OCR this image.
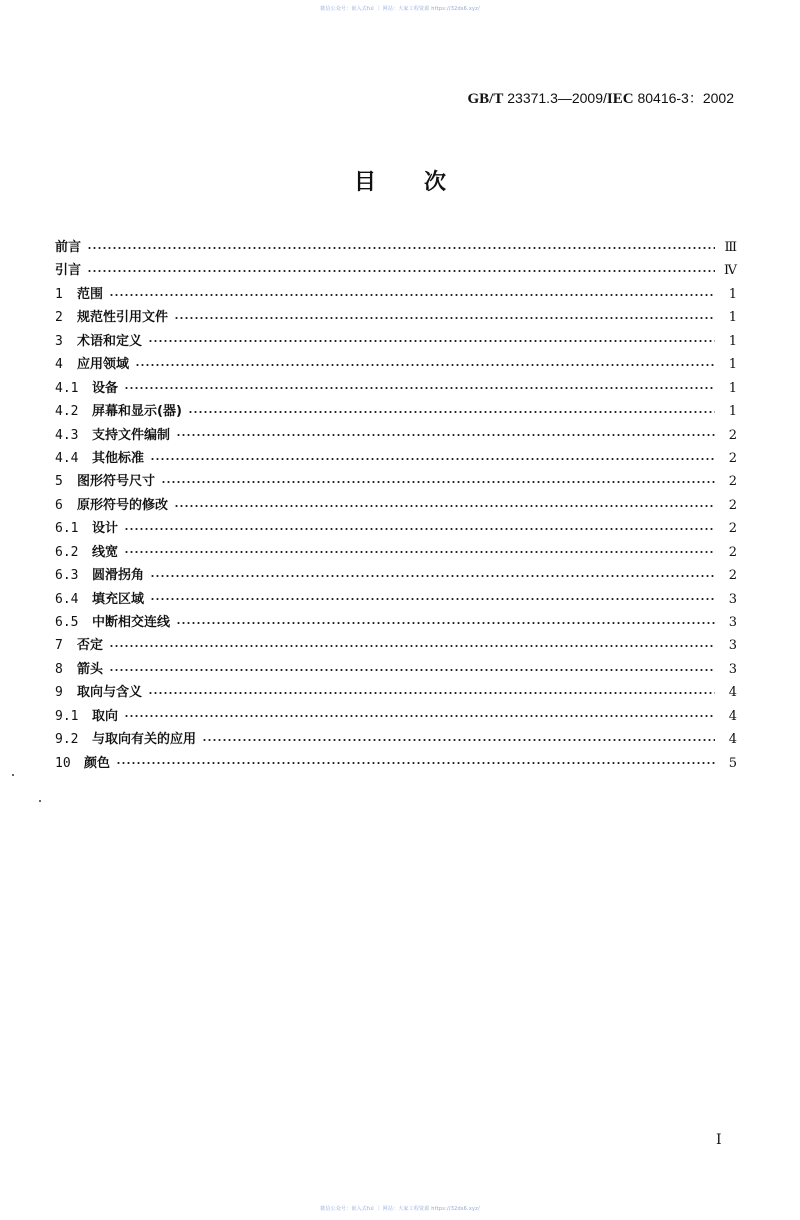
微信公众号：嵌入式ful ｜ 网站：大家工程资源 https://32ds6.xyz/
GB/T 23371.3—2009/IEC 80416-3：2002
目次
前言	Ⅲ
引言	Ⅳ
1	范围	1
2	规范性引用文件	1
3	术语和定义	1
4	应用领域	1
4.1	设备	1
4.2	屏幕和显示(器)	1
4.3	支持文件编制	2
4.4	其他标准	2
5	图形符号尺寸	2
6	原形符号的修改	2
6.1	设计	2
6.2	线宽	2
6.3	圆滑拐角	2
6.4	填充区域	3
6.5	中断相交连线	3
7	否定	3
8	箭头	3
9	取向与含义	4
9.1	取向	4
9.2	与取向有关的应用	4
10	颜色	5
I
微信公众号：嵌入式ful ｜ 网站：大家工程资源 https://32ds6.xyz/
